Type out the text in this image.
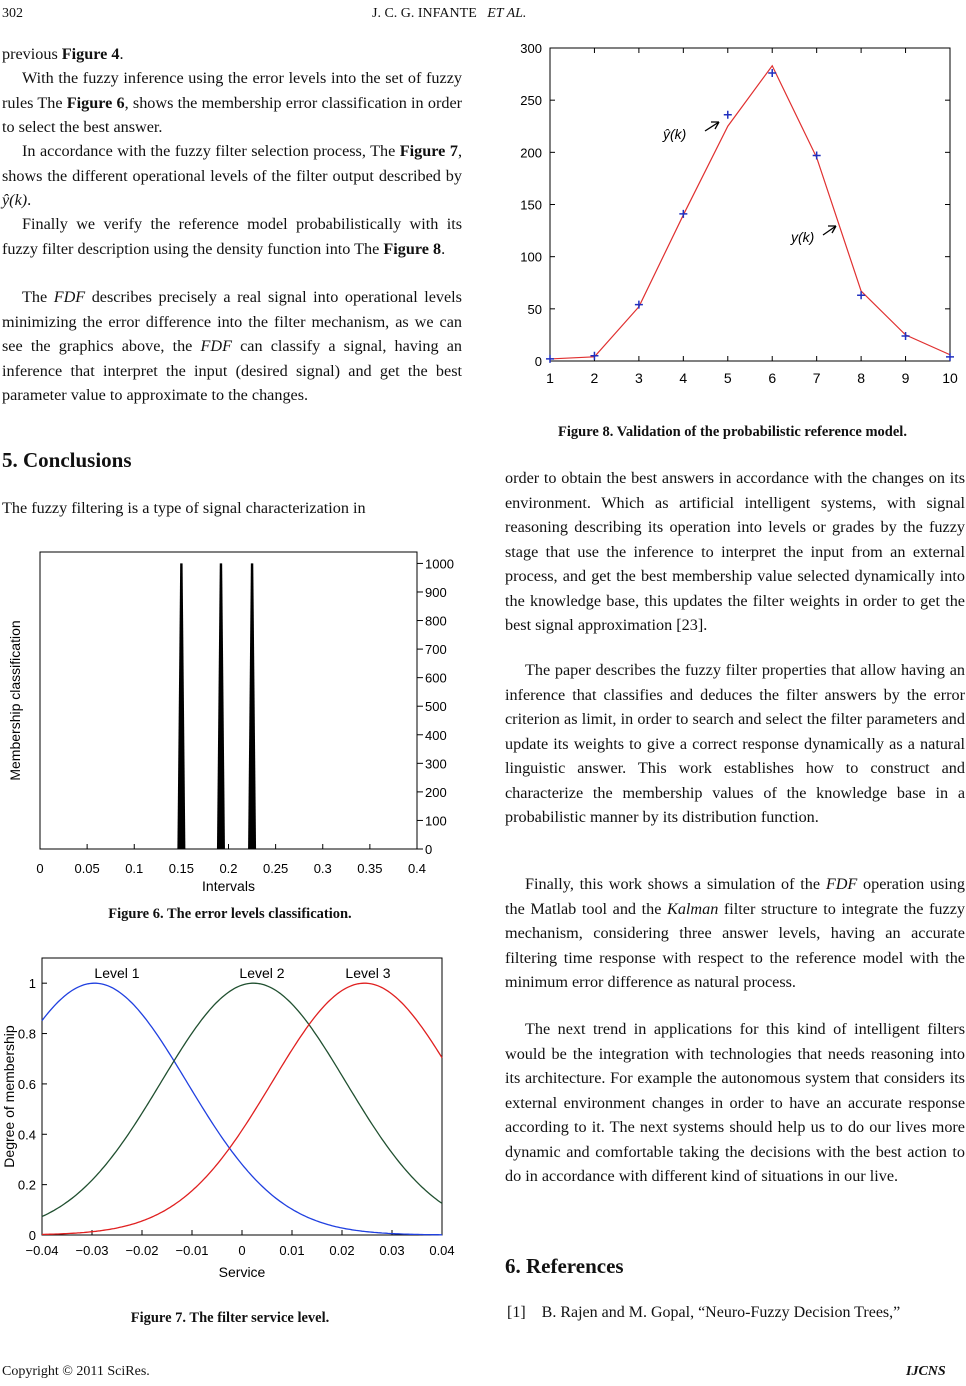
302	J. C. G. INFANTE ET AL.

previous Figure 4.

With the fuzzy inference using the error levels into the set of fuzzy rules The Figure 6, shows the membership error classification in order to select the best answer.

In accordance with the fuzzy filter selection process, The Figure 7, shows the different operational levels of the filter output described by ŷ(k).

Finally we verify the reference model probabilistically with its fuzzy filter description using the density function into The Figure 8.

The FDF describes precisely a real signal into operational levels minimizing the error difference into the filter mechanism, as we can see the graphics above, the FDF can classify a signal, having an inference that interpret the input (desired signal) and get the best parameter value to approximate to the changes.

5. Conclusions

The fuzzy filtering is a type of signal characterization in

0
100
200
300
400
500
600
700
800
900
1000
0 0.05 0.1 0.15 0.2 0.25 0.3 0.35 0.4
Intervals
Membership classification

Figure 6. The error levels classification.

0
0.2
0.4
0.6
0.8
1
−0.04 −0.03 −0.02 −0.01 0	0.01 0.02 0.03 0.04
Level 1	Level 2	Level 3
Service
Degree of membership

Figure 7. The filter service level.

0
50
100
150
200
250
300
1	2	3	4	5	6	7	8	9 10
ŷ(k)
y(k)

Figure 8. Validation of the probabilistic reference model.

order to obtain the best answers in accordance with the changes on its environment. Which as artificial intelligent systems, with signal reasoning describing its operation into levels or grades by the fuzzy stage that use the inference to interpret the input from an external process, and get the best membership value selected dynamically into the knowledge base, this updates the filter weights in order to get the best signal approximation [23].

The paper describes the fuzzy filter properties that allow having an inference that classifies and deduces the filter answers by the error criterion as limit, in order to search and select the filter parameters and update its weights to give a correct response dynamically as a natural linguistic answer. This work establishes how to construct and characterize the membership values of the knowledge base in a probabilistic manner by its distribution function.

Finally, this work shows a simulation of the FDF operation using the Matlab tool and the Kalman filter structure to integrate the fuzzy mechanism, considering three answer levels, having an accurate filtering time response with respect to the reference model with the minimum error difference as natural process.

The next trend in applications for this kind of intelligent filters would be the integration with technologies that needs reasoning into its architecture. For example the autonomous system that considers its external environment changes in order to have an accurate response according to it. The next systems should help us to do our lives more dynamic and comfortable taking the decisions with the best action to do in accordance with different kind of situations in our live.

6. References
[1]    B. Rajen and M. Gopal, “Neuro-Fuzzy Decision Trees,”
Copyright © 2011 SciRes.	IJCNS
